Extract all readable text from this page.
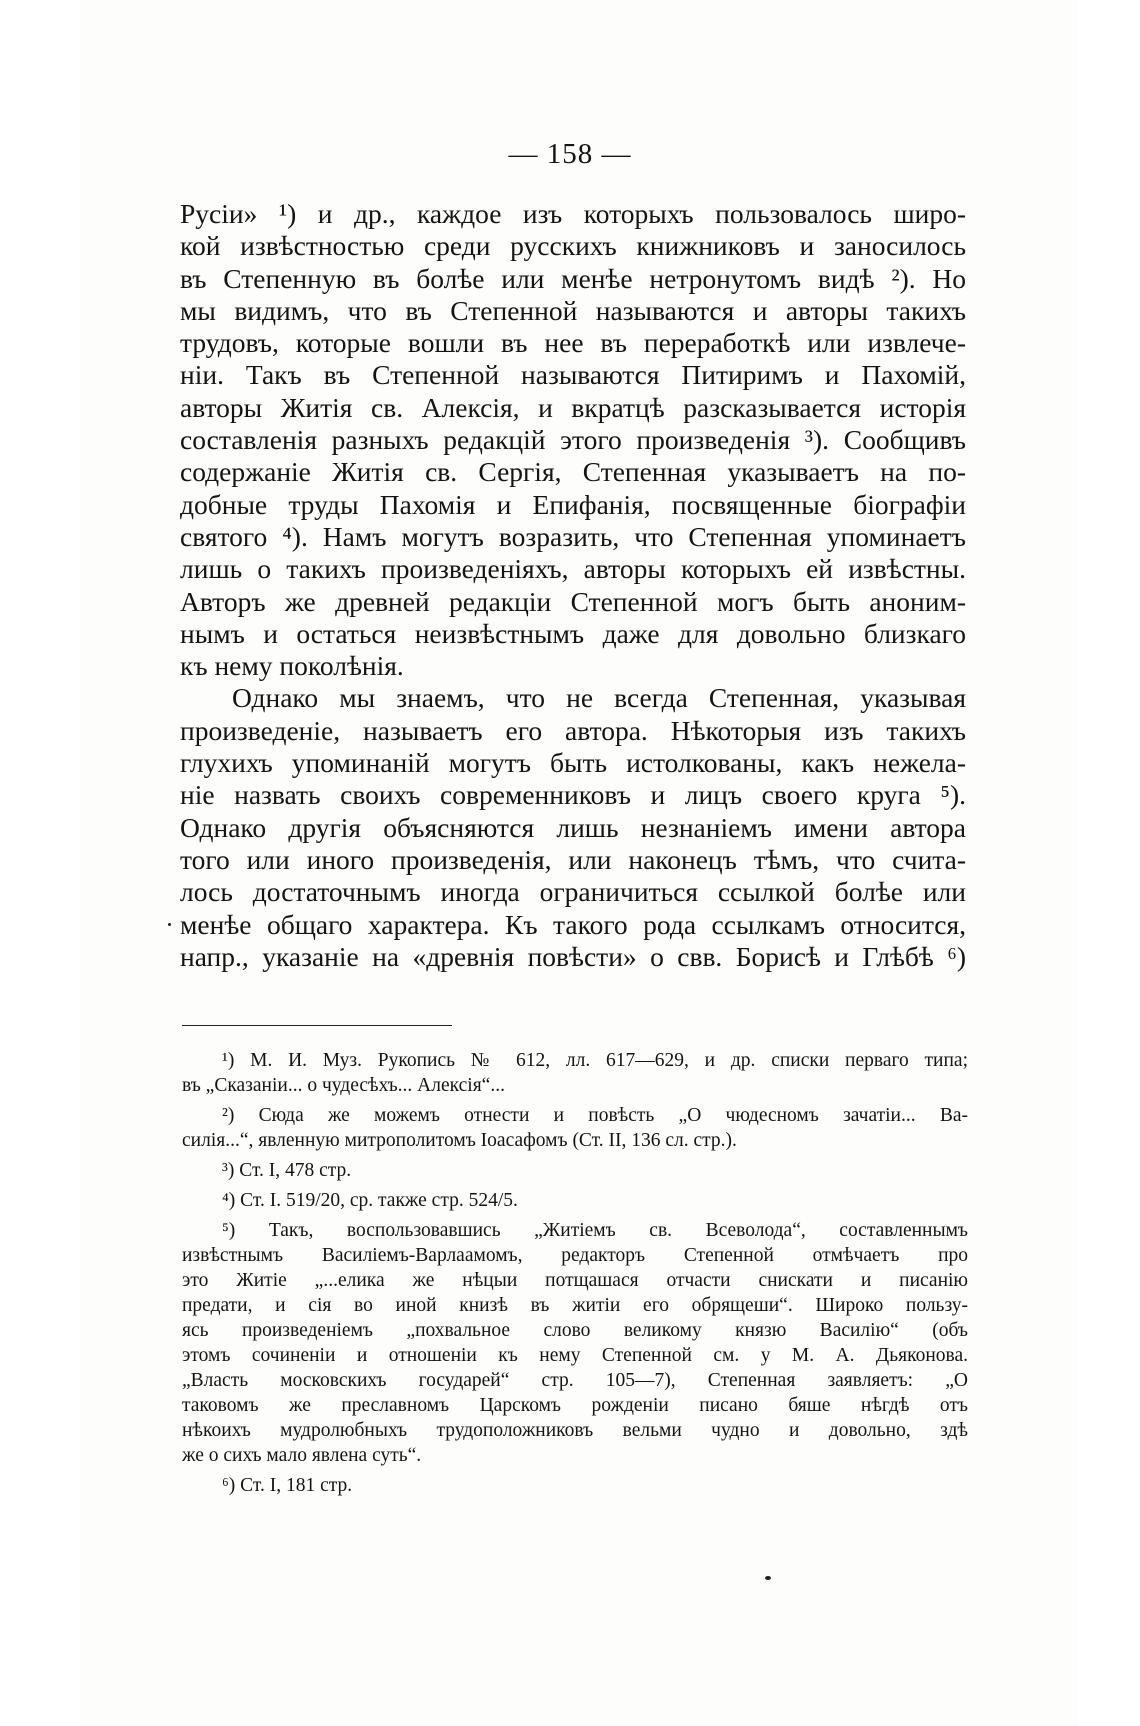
— 158 —
Русіи» ¹) и др., каждое изъ которыхъ пользовалось широ-
кой извѣстностью среди русскихъ книжниковъ и заносилось
въ Степенную въ болѣе или менѣе нетронутомъ видѣ ²). Но
мы видимъ, что въ Степенной называются и авторы такихъ
трудовъ, которые вошли въ нее въ переработкѣ или извлече-
ніи. Такъ въ Степенной называются Питиримъ и Пахомій,
авторы Житія св. Алексія, и вкратцѣ разсказывается исторія
составленія разныхъ редакцій этого произведенія ³). Сообщивъ
содержаніе Житія св. Сергія, Степенная указываетъ на по-
добные труды Пахомія и Епифанія, посвященные біографіи
святого ⁴). Намъ могутъ возразить, что Степенная упоминаетъ
лишь о такихъ произведеніяхъ, авторы которыхъ ей извѣстны.
Авторъ же древней редакціи Степенной могъ быть аноним-
нымъ и остаться неизвѣстнымъ даже для довольно близкаго
къ нему поколѣнія.
Однако мы знаемъ, что не всегда Степенная, указывая
произведеніе, называетъ его автора. Нѣкоторыя изъ такихъ
глухихъ упоминаній могутъ быть истолкованы, какъ нежела-
ніе назвать своихъ современниковъ и лицъ своего круга ⁵).
Однако другія объясняются лишь незнаніемъ имени автора
того или иного произведенія, или наконецъ тѣмъ, что счита-
лось достаточнымъ иногда ограничиться ссылкой болѣе или
менѣе общаго характера. Къ такого рода ссылкамъ относится,
напр., указаніе на «древнія повѣсти» о свв. Борисѣ и Глѣбѣ ⁶)
¹) М. И. Муз. Рукопись № 612, лл. 617—629, и др. списки перваго типа;
въ „Сказаніи... о чудесѣхъ... Алексія“...
²) Сюда же можемъ отнести и повѣсть „О чюдесномъ зачатіи... Ва-
силія...“, явленную митрополитомъ Іоасафомъ (Ст. II, 136 сл. стр.).
³) Ст. I, 478 стр.
⁴) Ст. I. 519/20, ср. также стр. 524/5.
⁵) Такъ, воспользовавшись „Житіемъ св. Всеволода“, составленнымъ
извѣстнымъ Василіемъ-Варлаамомъ, редакторъ Степенной отмѣчаетъ про
это Житіе „...елика же нѣцыи потщашася отчасти снискати и писанію
предати, и сія во иной книзѣ въ житіи его обрящеши“. Широко пользу-
ясь произведеніемъ „похвальное слово великому князю Василію“ (объ
этомъ сочиненіи и отношеніи къ нему Степенной см. у М. А. Дьяконова.
„Власть московскихъ государей“ стр. 105—7), Степенная заявляетъ: „О
таковомъ же преславномъ Царскомъ рожденіи писано бяше нѣгдѣ отъ
нѣкоихъ мудролюбныхъ трудоположниковъ вельми чудно и довольно, здѣ
же о сихъ мало явлена суть“.
⁶) Ст. I, 181 стр.
